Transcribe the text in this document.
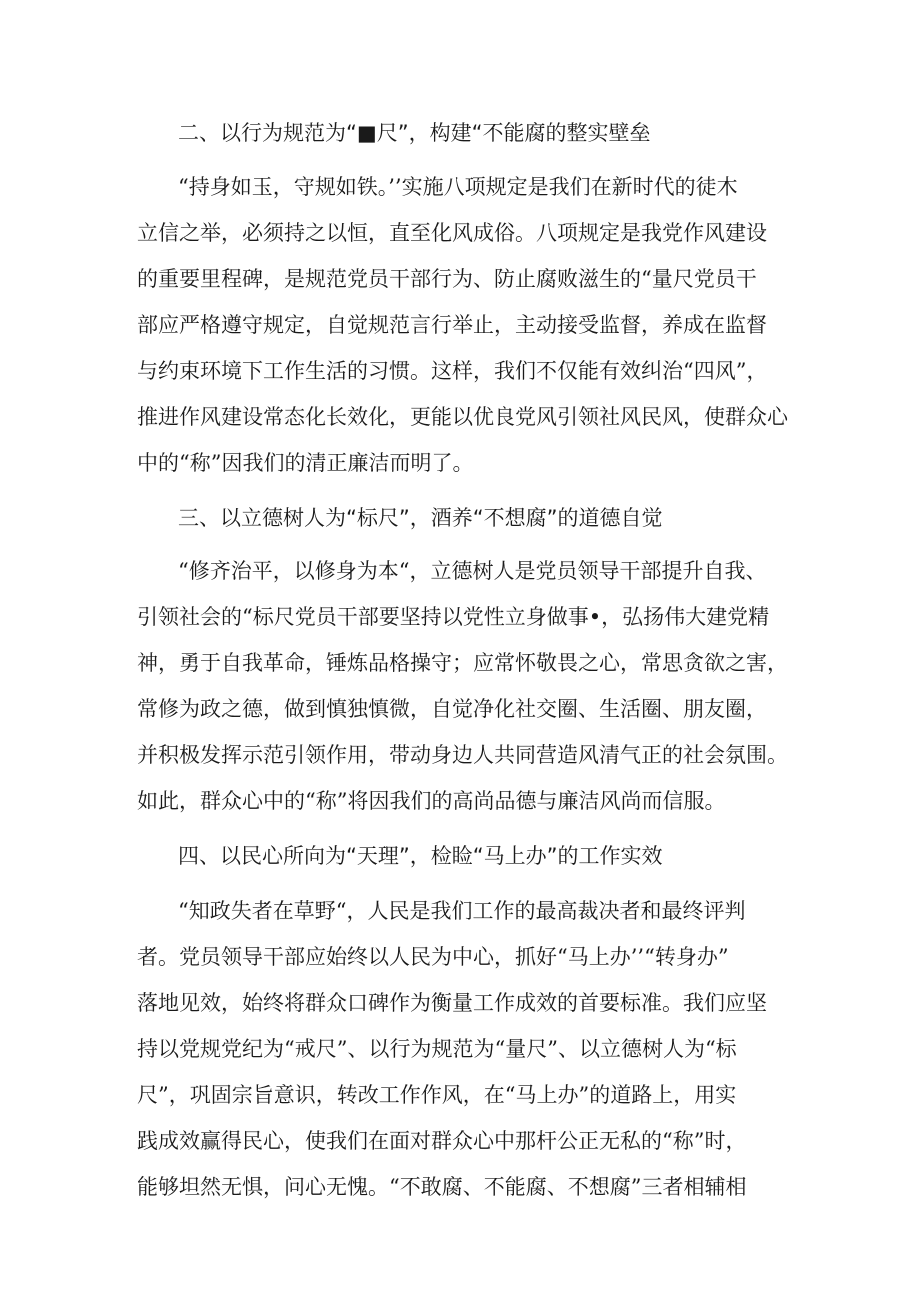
二、以行为规范为“■尺”，构建“不能腐的整实壁垒
“持身如玉，守规如铁。’’实施八项规定是我们在新时代的徒木
立信之举，必须持之以恒，直至化风成俗。八项规定是我党作风建设
的重要里程碑，是规范党员干部行为、防止腐败滋生的“量尺党员干
部应严格遵守规定，自觉规范言行举止，主动接受监督，养成在监督
与约束环境下工作生活的习惯。这样，我们不仅能有效纠治“四风”，
推进作风建设常态化长效化，更能以优良党风引领社风民风，使群众心
中的“称”因我们的清正廉洁而明了。
三、以立德树人为“标尺”，酒养“不想腐”的道德自觉
“修齐治平，以修身为本“，立德树人是党员领导干部提升自我、
引领社会的“标尺党员干部要坚持以党性立身做事•，弘扬伟大建党精
神，勇于自我革命，锤炼品格操守；应常怀敬畏之心，常思贪欲之害，
常修为政之德，做到慎独慎微，自觉净化社交圈、生活圈、朋友圈，
并积极发挥示范引领作用，带动身边人共同营造风清气正的社会氛围。
如此，群众心中的“称”将因我们的高尚品德与廉洁风尚而信服。
四、以民心所向为“天理”，检睑“马上办”的工作实效
“知政失者在草野“，人民是我们工作的最高裁决者和最终评判
者。党员领导干部应始终以人民为中心，抓好“马上办’’“转身办”
落地见效，始终将群众口碑作为衡量工作成效的首要标准。我们应坚
持以党规党纪为“戒尺”、以行为规范为“量尺”、以立德树人为“标
尺”，巩固宗旨意识，转改工作作风，在“马上办”的道路上，用实
践成效赢得民心，使我们在面对群众心中那杆公正无私的“称”时，
能够坦然无惧，问心无愧。“不敢腐、不能腐、不想腐”三者相辅相
